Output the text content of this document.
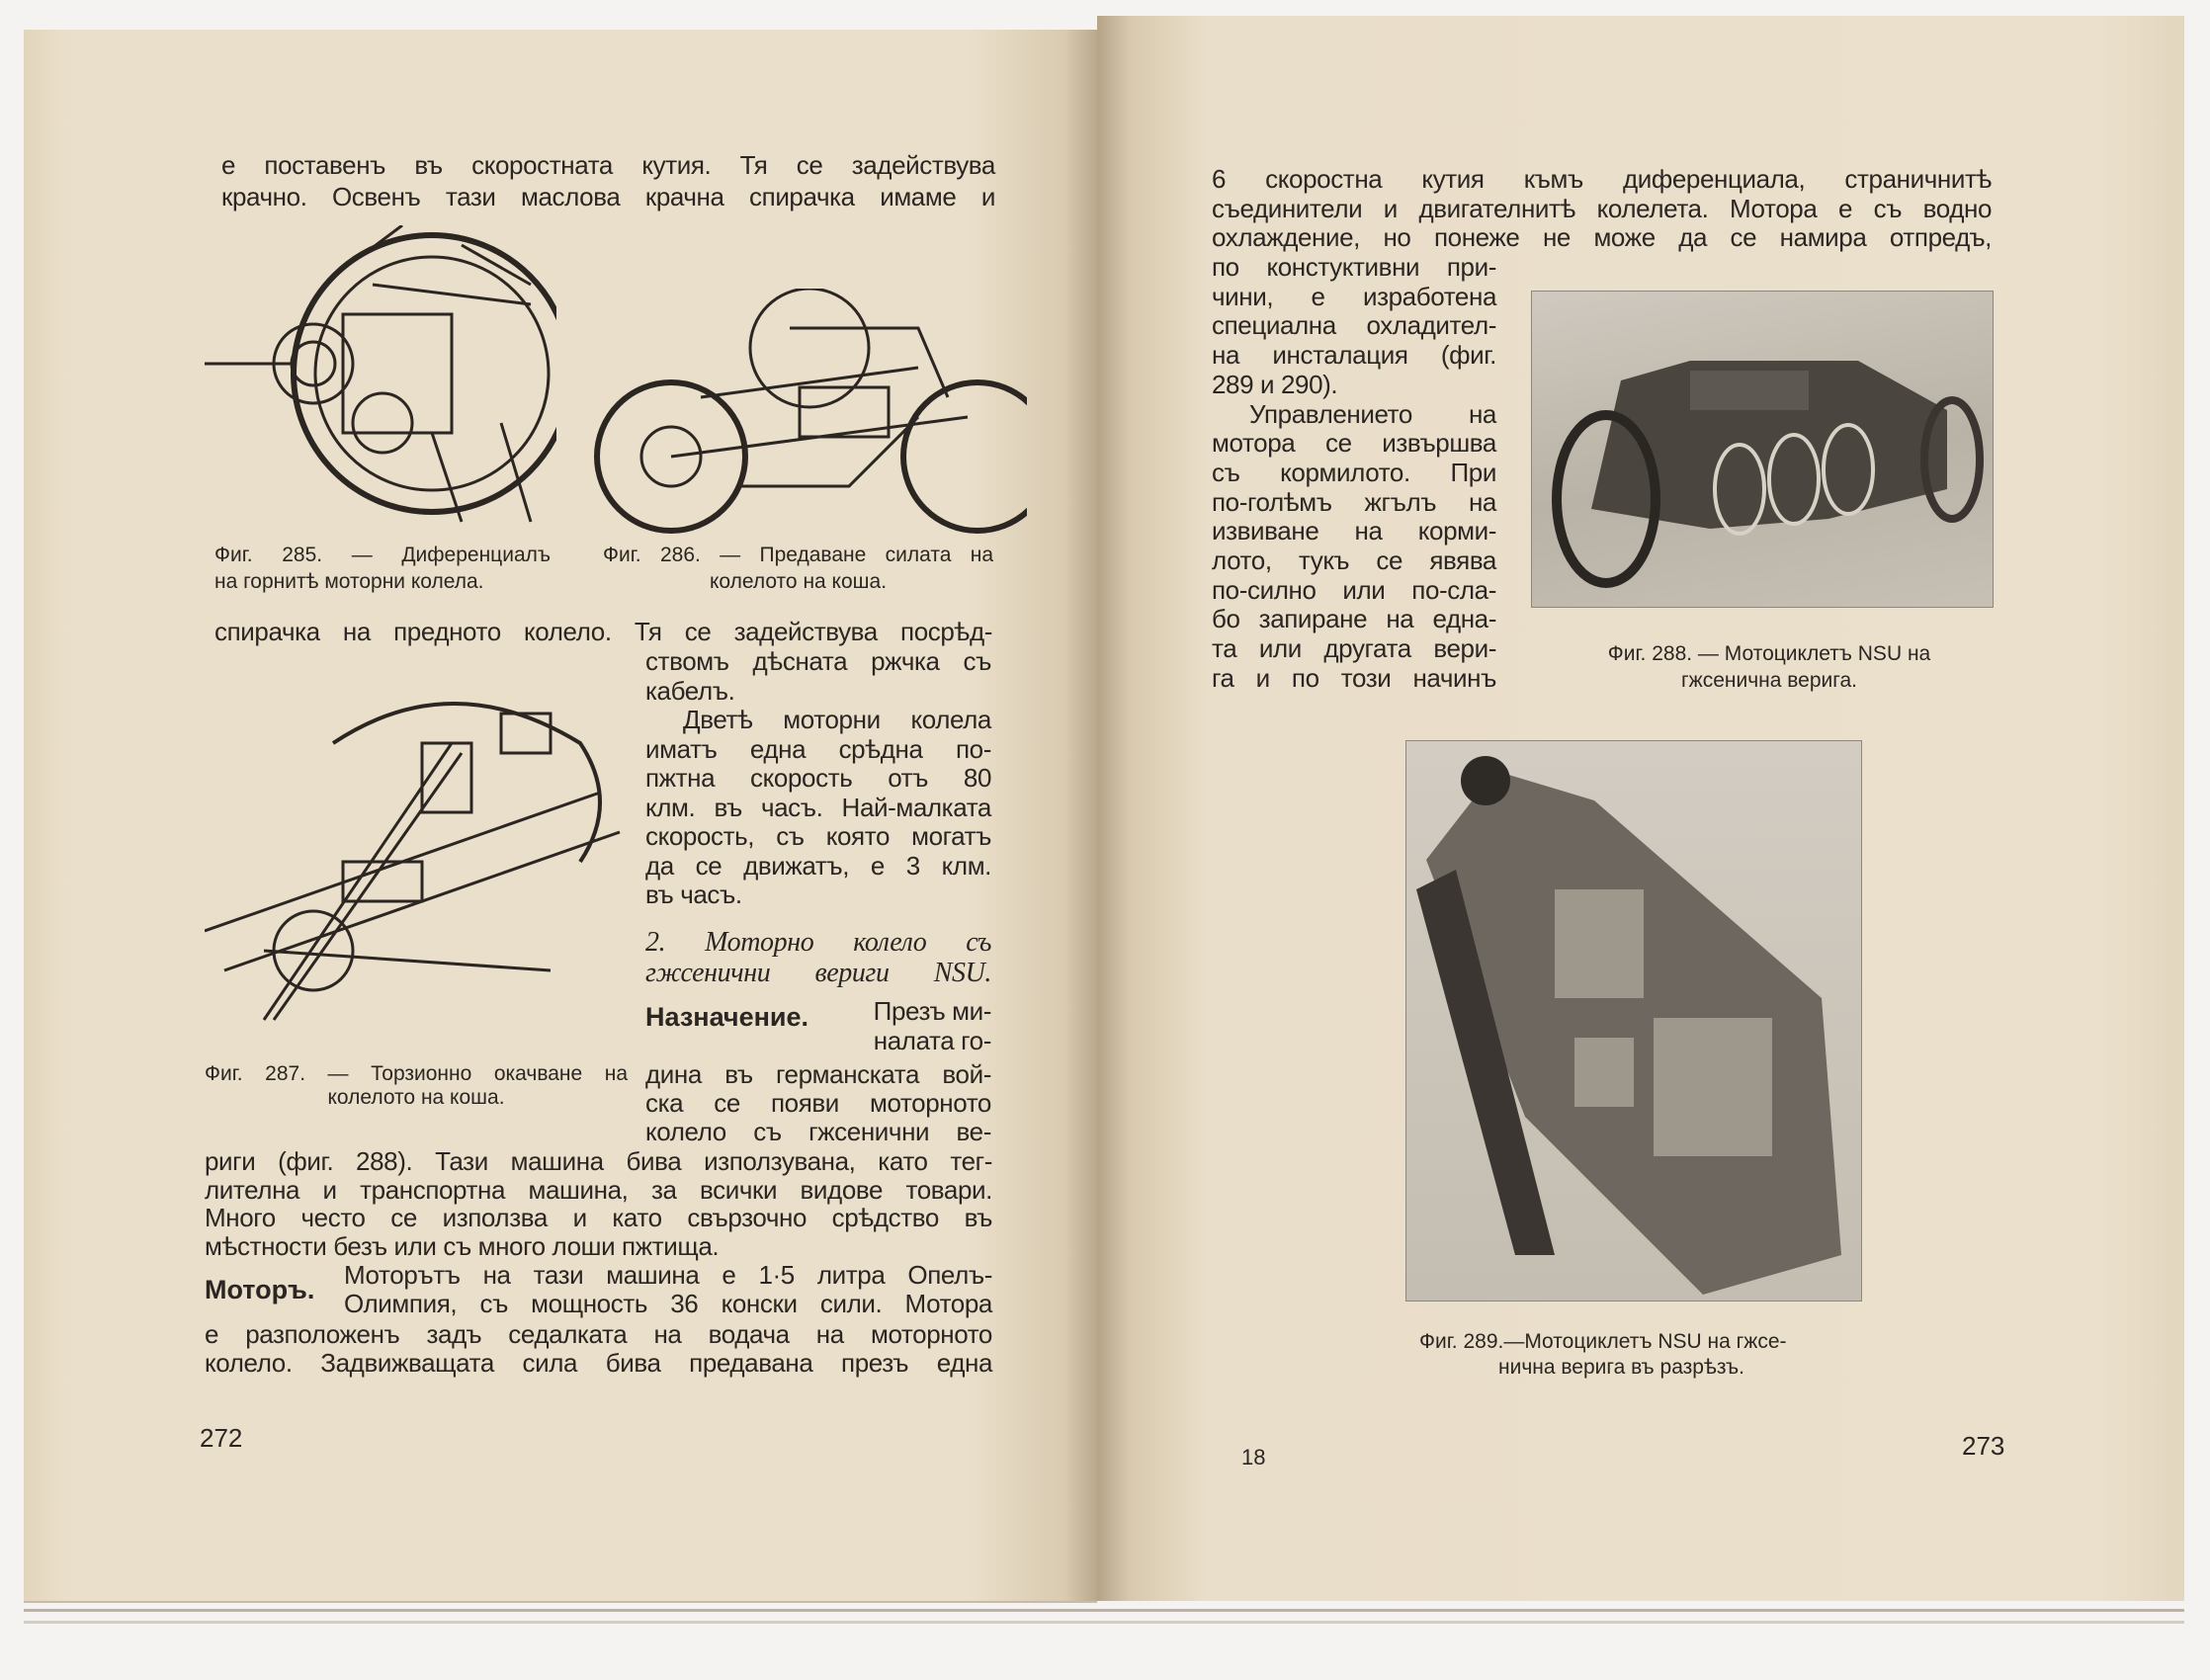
е поставенъ въ скоростната кутия. Тя се задействува
крачно. Освенъ тази маслова крачна спирачка имаме и
Фиг. 285. — Диференциалъ
на горнитѣ моторни колела.
Фиг. 286. — Предаване силата на
колелото на коша.
спирачка на предното колело. Тя се задействува посрѣд-
ствомъ дѣсната ржчка съ
кабелъ.
Двет‌ѣ моторни колела
иматъ една срѣдна по-
пжтна скорость отъ 80
клм. въ часъ. Най-малката
скорость, съ която могатъ
да се движатъ, е 3 клм.
въ часъ.
2. Моторно колело съ
гжсенични вериги NSU.
Назначение.	Презъ ми-
налата го-
дина въ германската вой-
ска се появи моторното
колело съ гжсенични ве-
Фиг. 287. — Торзионно окачване на
колелото на коша.
риги (фиг. 288). Тази машина бива използувана, като тег-
лителна и транспортна машина, за всички видове товари.
Много често се използва и като свързочно срѣдство въ
мѣстности безъ или съ много лоши пжтища.
Моторъ. Моторътъ на тази машина е 1·5 литра Опелъ-
Олимпия, съ мощность 36 конски сили. Мотора
е разположенъ задъ седалката на водача на моторното
колело. Задвижващата сила бива предавана презъ една
272
6 скоростна кутия къмъ диференциала, страничнитѣ
съединители и двигателнитѣ колелета. Мотора е съ водно
охлаждение, но понеже не може да се намира отпредъ,
по констуктивни при-
чини, е изработена
специална охладител-
на инсталация (фиг.
289 и 290).
Управлението на
мотора се извършва
съ кормилото. При
по-голѣмъ жгълъ на
извиване на корми-
лото, тукъ се явява
по-силно или по-сла-
бо запиране на една-
та или другата вери-
га и по този начинъ
Фиг. 288. — Мотоциклетъ NSU на
гжсенична верига.
Фиг. 289.—Мотоциклетъ NSU на гжсе-
нична верига въ разрѣзъ.
18	273
